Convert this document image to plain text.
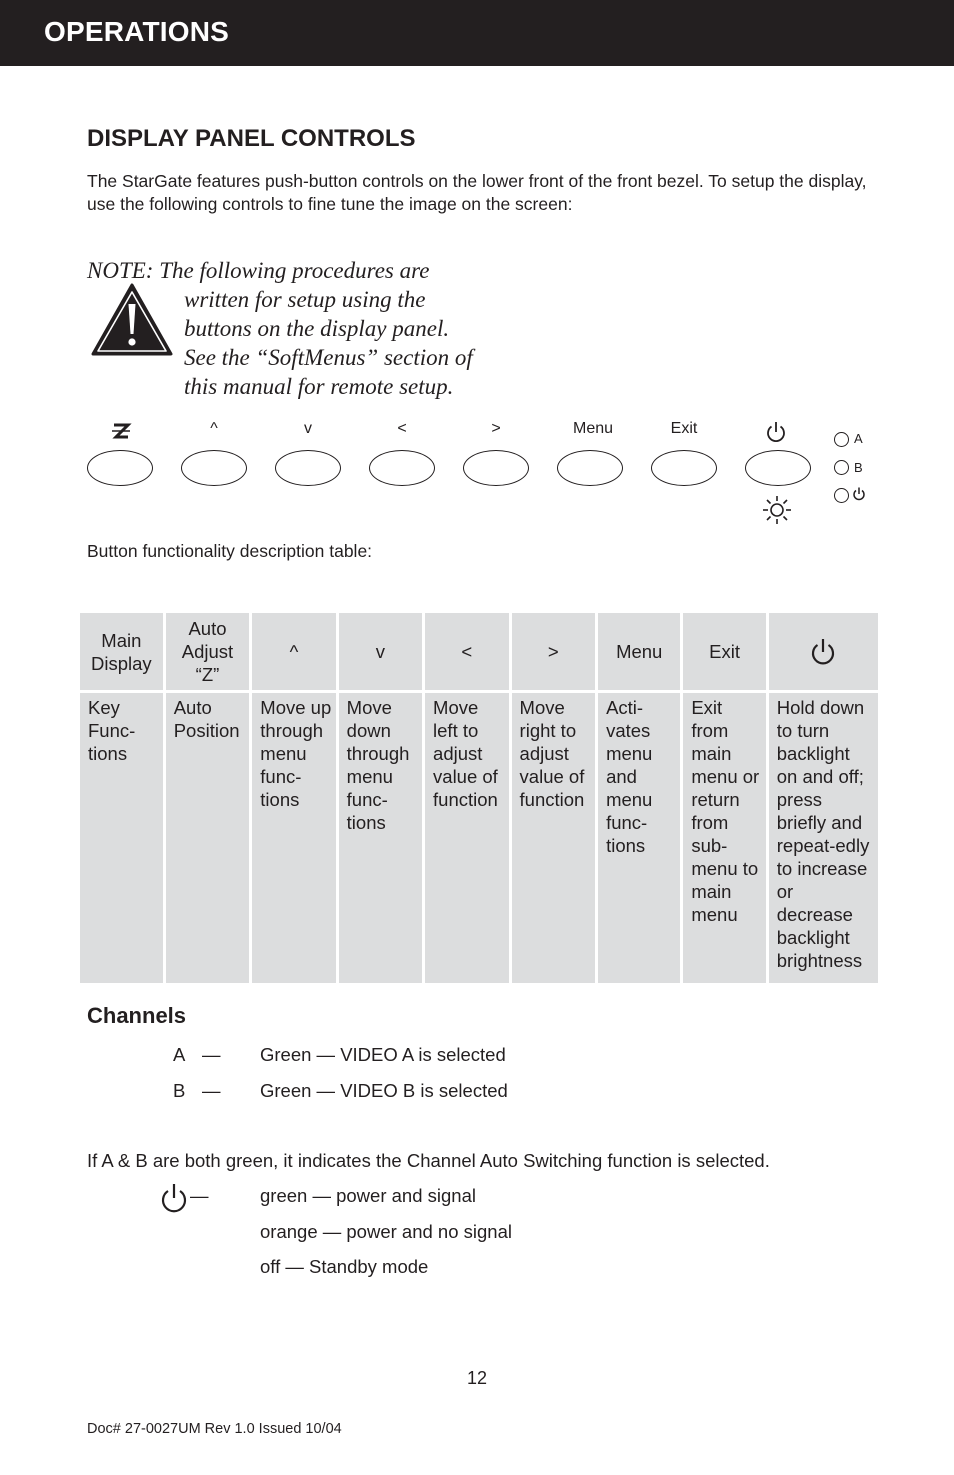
OPERATIONS
DISPLAY PANEL CONTROLS
The StarGate features push-button controls on the lower front of the front bezel. To setup the display, use the following controls to fine tune the image on the screen:
NOTE: The following procedures are
written for setup using the
buttons on the display panel.
See the “SoftMenus” section of
this manual for remote setup.
^	v	<	>	Menu	Exit
A
B
Button functionality description table:
Main Display	Auto Adjust “Z”	^	v	<	>	Menu	Exit	
Key Func-tions	Auto Position	Move up through menu func-tions	Move down through menu func-tions	Move left to adjust value of function	Move right to adjust value of function	Acti-vates menu and menu func-tions	Exit from main menu or return from sub-menu to main menu	Hold down to turn backlight on and off; press briefly and repeat-edly to increase or decrease backlight brightness
Channels
A — Green — VIDEO A is selected
B — Green — VIDEO B is selected
If A & B are both green, it indicates the Channel Auto Switching function is selected.
—	green — power and signal
orange — power and no signal
off — Standby mode
12
Doc# 27-0027UM Rev 1.0 Issued 10/04
